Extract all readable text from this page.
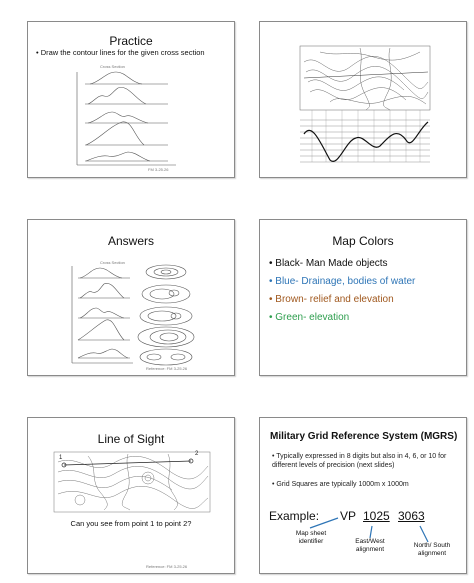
Practice
• Draw the contour lines for the given cross section
Cross Section
FM 3-25.26
Answers
Cross Section
Reference: FM 3-25.26
Map Colors
• Black- Man Made objects
• Blue- Drainage, bodies of water
• Brown- relief and elevation
• Green- elevation
Line of Sight
1
2
Can you see from point 1 to point 2?
Reference: FM 3-25.26
Military Grid Reference System (MGRS)
• Typically expressed in 8 digits but also in 4, 6, or 10 for different levels of precision (next slides)
• Grid Squares are typically 1000m x 1000m
Example: VP 1025 3063
Map sheet identifier	East/West alignment
North/ South alignment
